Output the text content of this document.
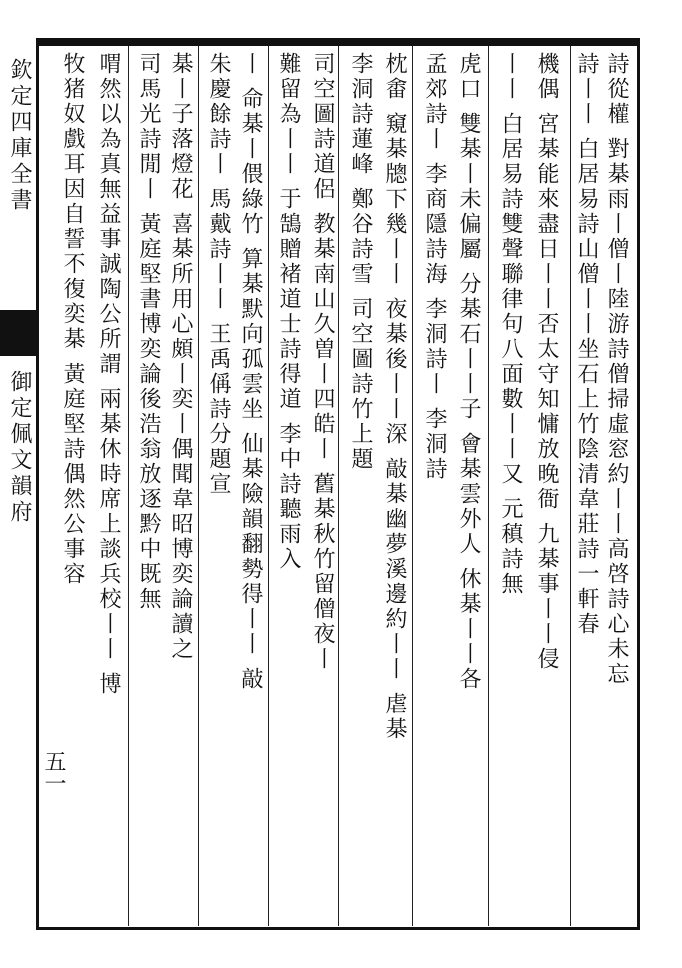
欽定四庫全書
御定佩文韻府
五一
詩從權 對棊雨丨僧丨陸游詩僧掃虛窓約丨丨高啓詩心未忘
詩丨丨 白居易詩山僧丨丨坐石上竹陰清韋莊詩一軒春
機偶 宮棊能來盡日丨丨否太守知慵放晚衙 九棊事丨丨侵
丨丨 白居易詩雙聲聯律句八面數丨丨又 元稹詩無
虎口 雙棊丨未偏屬 分棊石丨丨子 會棊雲外人 休棊丨丨各
孟郊詩丨 李商隱詩海 李洞詩丨 李洞詩
枕畬 窺棊牕下幾丨丨 夜棊後丨丨深 敲棊幽夢溪邊約丨丨 虐棊
李洞詩蓮峰 鄭谷詩雪 司空圖詩竹上題
司空圖詩道侶 教棊南山久曽丨四皓丨 舊棊秋竹留僧夜丨
難留為丨丨 于鵠贈褚道士詩得道 李中詩聽雨入
丨 命棊丨偎綠竹 算棊默向孤雲坐 仙棊險韻翻勢得丨丨 敲
朱慶餘詩丨 馬戴詩丨丨 王禹偁詩分題宣
棊丨子落燈花 喜棊所用心頗丨奕丨偶聞韋昭博奕論讀之
司馬光詩閒丨 黃庭堅書博奕論後浩翁放逐黔中既無
喟然以為真無益事誠陶公所謂 兩棊休時席上談兵校丨丨 博
牧猪奴戲耳因自誓不復奕棊 黃庭堅詩偶然公事容
